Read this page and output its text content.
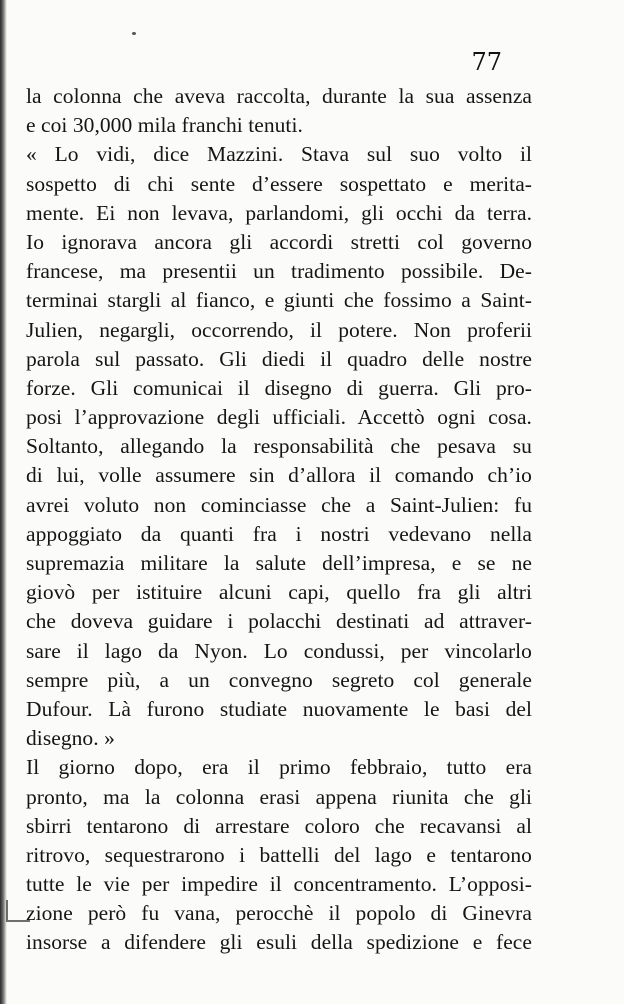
77

la colonna che aveva raccolta, durante la sua assenza
e coi 30,000 mila franchi tenuti.
« Lo vidi, dice Mazzini. Stava sul suo volto il
sospetto di chi sente d’essere sospettato e merita-
mente. Ei non levava, parlandomi, gli occhi da terra.
Io ignorava ancora gli accordi stretti col governo
francese, ma presentii un tradimento possibile. De-
terminai stargli al fianco, e giunti che fossimo a Saint-
Julien, negargli, occorrendo, il potere. Non proferii
parola sul passato. Gli diedi il quadro delle nostre
forze. Gli comunicai il disegno di guerra. Gli pro-
posi l’approvazione degli ufficiali. Accettò ogni cosa.
Soltanto, allegando la responsabilità che pesava su
di lui, volle assumere sin d’allora il comando ch’io
avrei voluto non cominciasse che a Saint-Julien: fu
appoggiato da quanti fra i nostri vedevano nella
supremazia militare la salute dell’impresa, e se ne
giovò per istituire alcuni capi, quello fra gli altri
che doveva guidare i polacchi destinati ad attraver-
sare il lago da Nyon. Lo condussi, per vincolarlo
sempre più, a un convegno segreto col generale
Dufour. Là furono studiate nuovamente le basi del
disegno. »
Il giorno dopo, era il primo febbraio, tutto era
pronto, ma la colonna erasi appena riunita che gli
sbirri tentarono di arrestare coloro che recavansi al
ritrovo, sequestrarono i battelli del lago e tentarono
tutte le vie per impedire il concentramento. L’opposi-
zione però fu vana, perocchè il popolo di Ginevra
insorse a difendere gli esuli della spedizione e fece
